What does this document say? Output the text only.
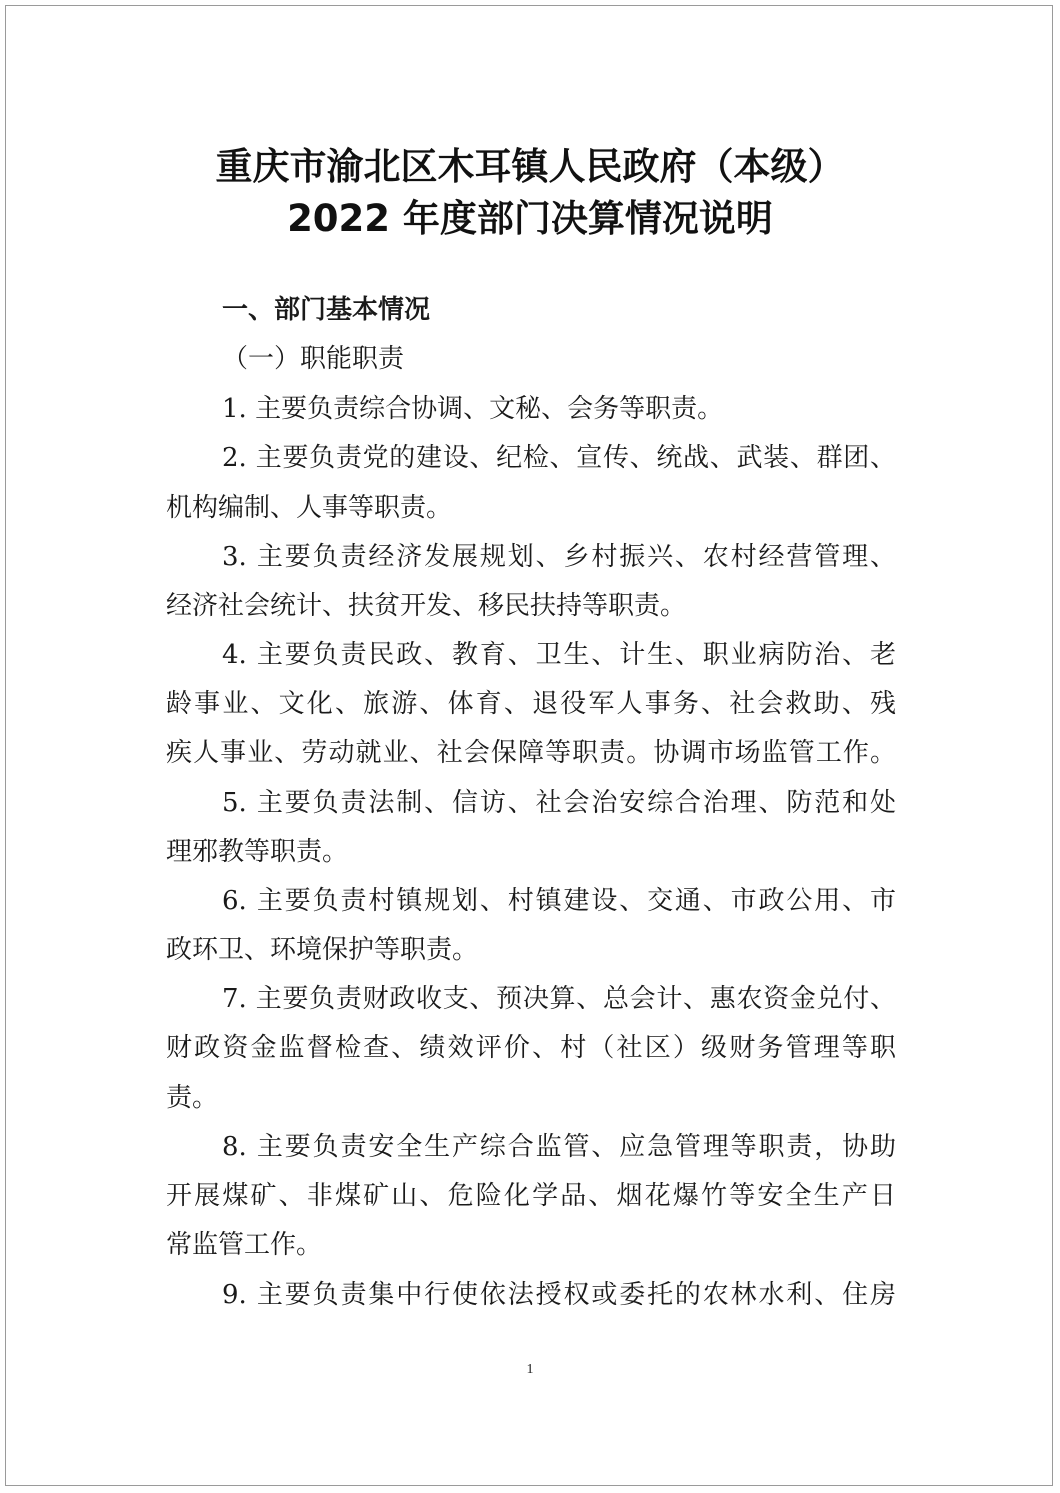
重庆市渝北区木耳镇人民政府（本级）
2022 年度部门决算情况说明
一、部门基本情况
（一）职能职责
1. 主要负责综合协调、文秘、会务等职责。
2. 主要负责党的建设、纪检、宣传、统战、武装、群团、
机构编制、人事等职责。
3. 主要负责经济发展规划、乡村振兴、农村经营管理、
经济社会统计、扶贫开发、移民扶持等职责。
4. 主要负责民政、教育、卫生、计生、职业病防治、老
龄事业、文化、旅游、体育、退役军人事务、社会救助、残
疾人事业、劳动就业、社会保障等职责。协调市场监管工作。
5. 主要负责法制、信访、社会治安综合治理、防范和处
理邪教等职责。
6. 主要负责村镇规划、村镇建设、交通、市政公用、市
政环卫、环境保护等职责。
7. 主要负责财政收支、预决算、总会计、惠农资金兑付、
财政资金监督检查、绩效评价、村（社区）级财务管理等职
责。
8. 主要负责安全生产综合监管、应急管理等职责，协助
开展煤矿、非煤矿山、危险化学品、烟花爆竹等安全生产日
常监管工作。
9. 主要负责集中行使依法授权或委托的农林水利、住房
1
